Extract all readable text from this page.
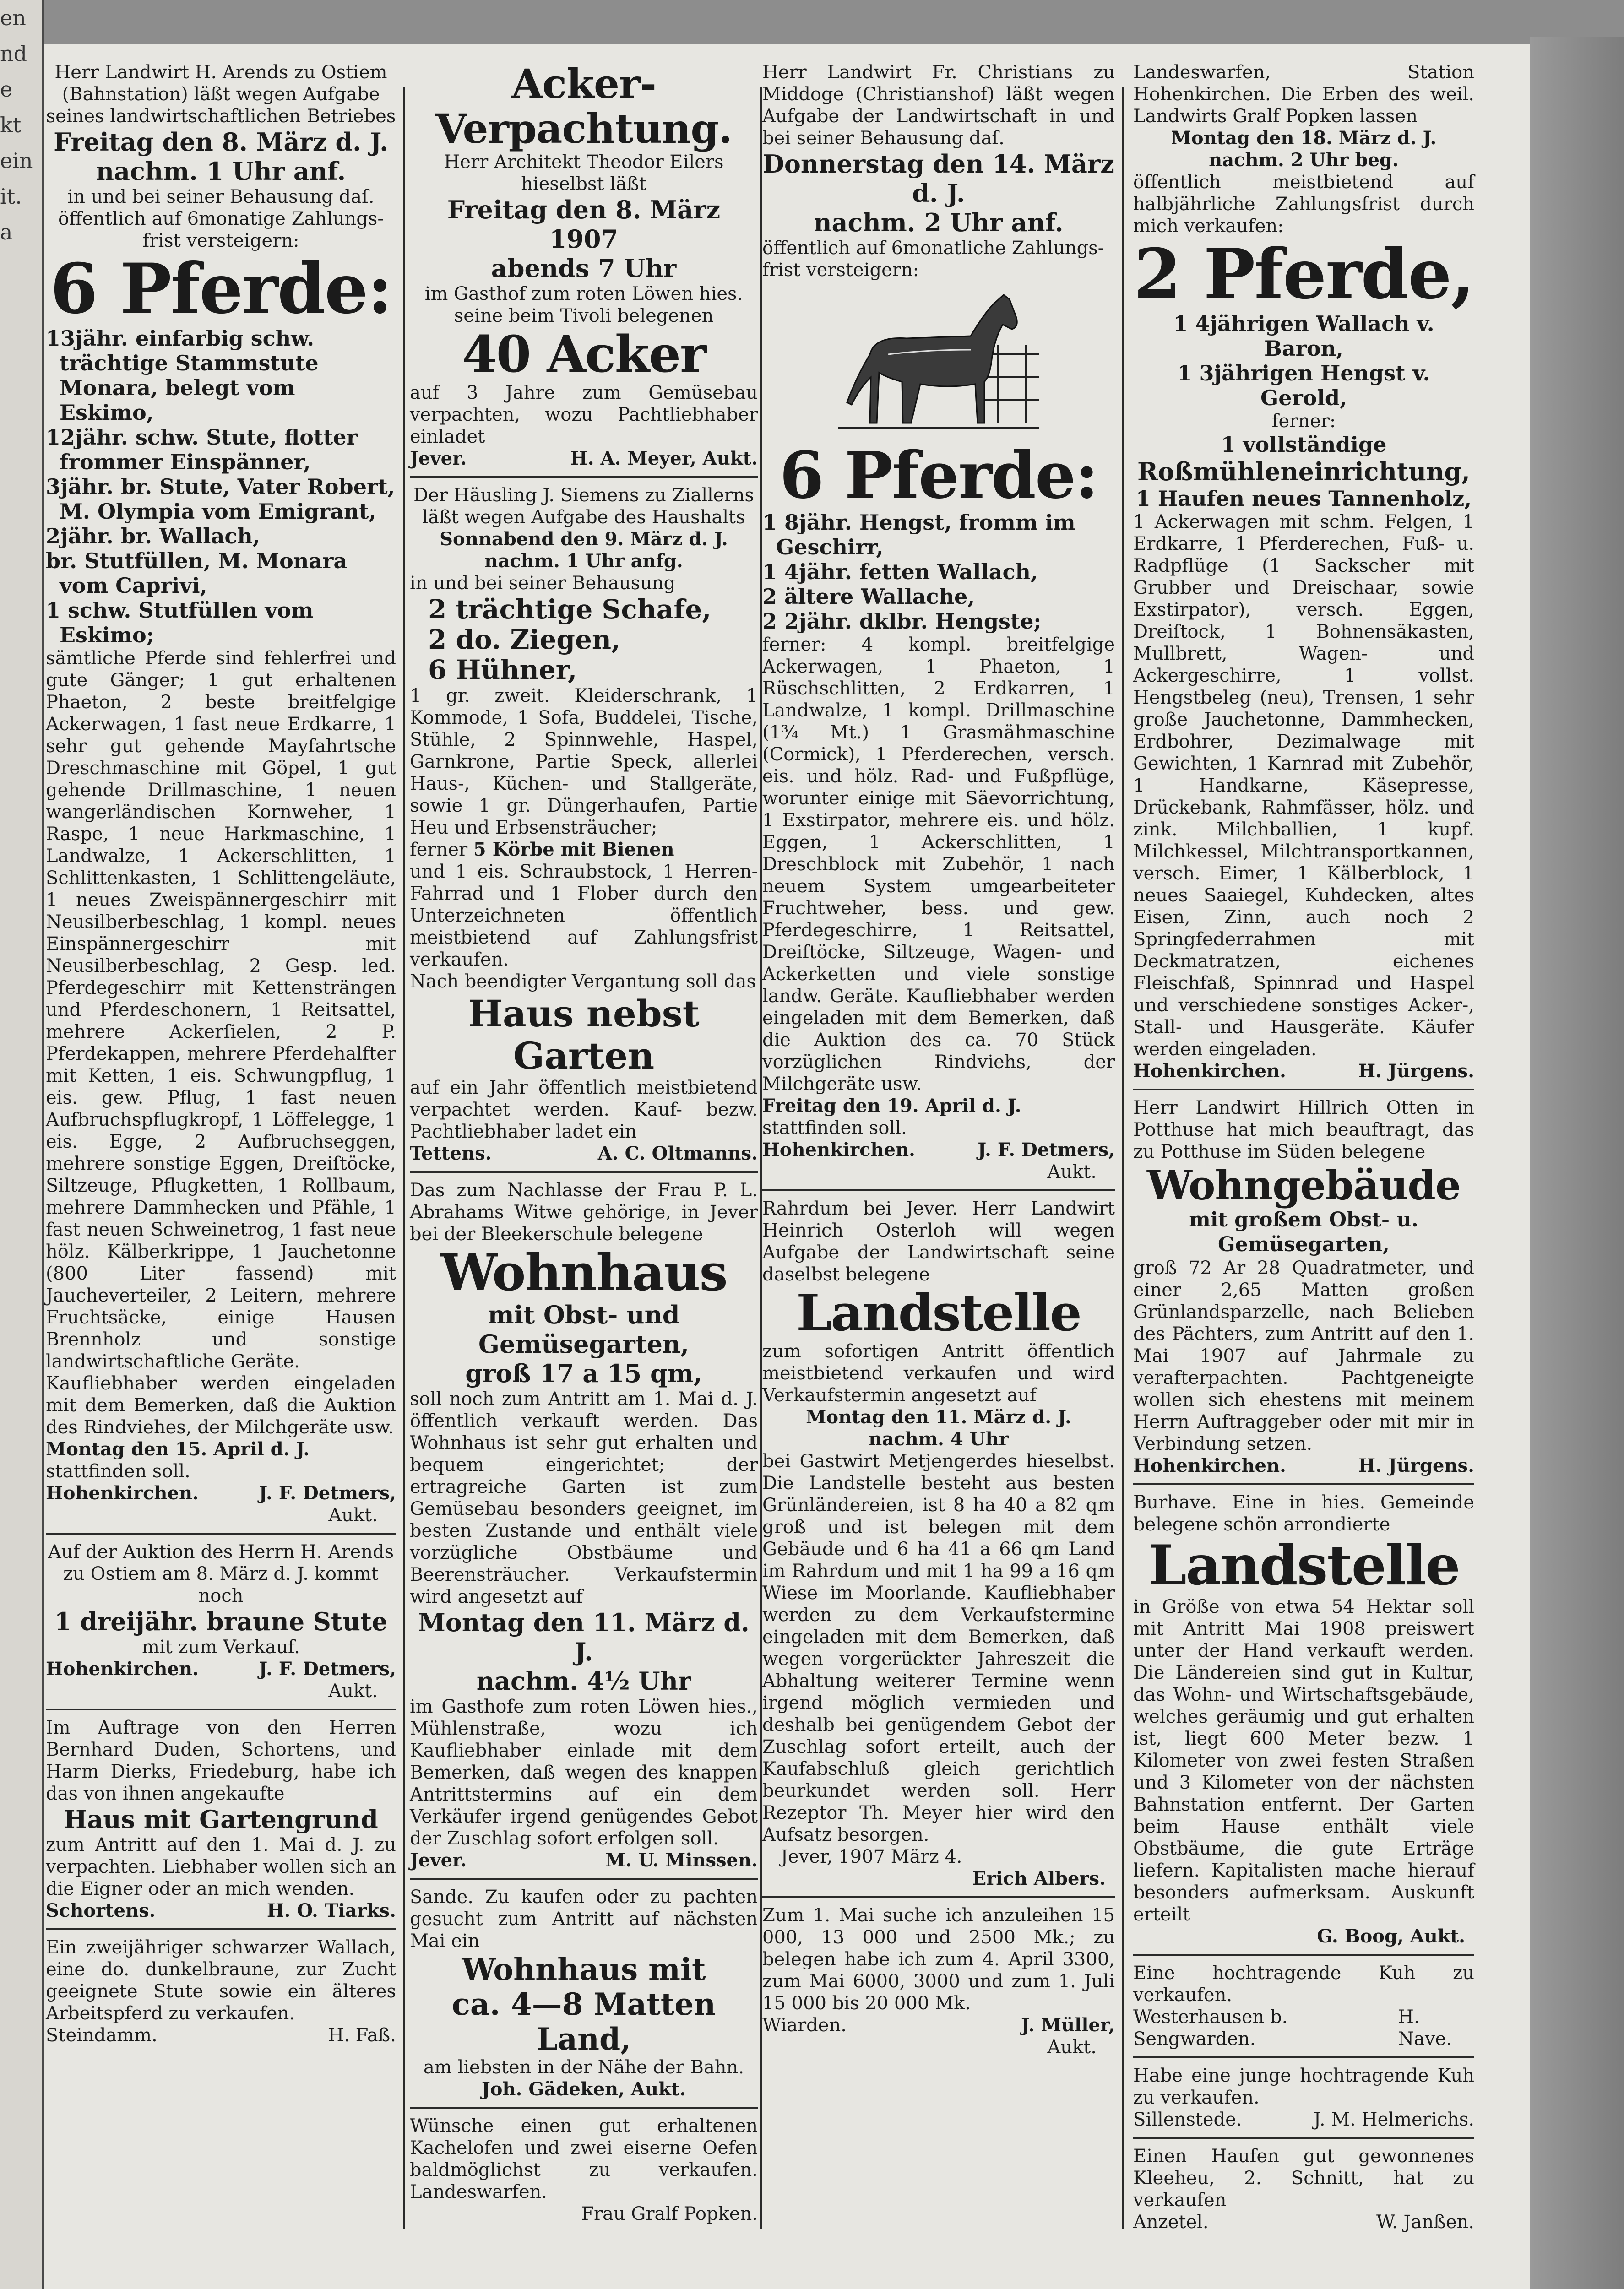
en
nd
e
kt
ein
it.
a

Herr Landwirt H. Arends zu Ostiem (Bahnstation) läßt wegen Aufgabe seines landwirtschaftlichen Betriebes

Freitag den 8. März d. J.

nachm. 1 Uhr anf.

in und bei seiner Behausung daſ. öffentlich auf 6monatige Zahlungs-frist versteigern:

6 Pferde:

13jähr. einfarbig schw. trächtige Stammstute Monara, belegt vom Eskimo,

12jähr. schw. Stute, flotter frommer Einspänner,

3jähr. br. Stute, Vater Robert, M. Olympia vom Emigrant,

2jähr. br. Wallach,

br. Stutfüllen, M. Monara vom Caprivi,

1 schw. Stutfüllen vom Eskimo;

sämtliche Pferde sind fehlerfrei und gute Gänger; 1 gut erhaltenen Phaeton, 2 beste breitfelgige Ackerwagen, 1 fast neue Erdkarre, 1 sehr gut gehende Mayfahrtsche Dreschmaschine mit Göpel, 1 gut gehende Drillmaschine, 1 neuen wangerländischen Kornweher, 1 Raspe, 1 neue Harkmaschine, 1 Landwalze, 1 Ackerschlitten, 1 Schlittenkasten, 1 Schlittengeläute, 1 neues Zweispännergeschirr mit Neusilberbeschlag, 1 kompl. neues Einspännergeschirr mit Neusilberbeschlag, 2 Gesp. led. Pferdegeschirr mit Kettensträngen und Pferdeschonern, 1 Reitsattel, mehrere Ackerſielen, 2 P. Pferdekappen, mehrere Pferdehalfter mit Ketten, 1 eis. Schwungpflug, 1 eis. gew. Pflug, 1 fast neuen Aufbruchspflugkropf, 1 Löffelegge, 1 eis. Egge, 2 Aufbruchseggen, mehrere sonstige Eggen, Dreiſtöcke, Siltzeuge, Pflugketten, 1 Rollbaum, mehrere Dammhecken und Pfähle, 1 fast neuen Schweinetrog, 1 fast neue hölz. Kälberkrippe, 1 Jauchetonne (800 Liter fassend) mit Jaucheverteiler, 2 Leitern, mehrere Fruchtsäcke, einige Hausen Brennholz und sonstige landwirtschaftliche Geräte.

Kaufliebhaber werden eingeladen mit dem Bemerken, daß die Auktion des Rindviehes, der Milchgeräte usw.

Montag den 15. April d. J. stattfinden soll.

Hohenkirchen.	J. F. Detmers,

Aukt.

Auf der Auktion des Herrn H. Arends zu Ostiem am 8. März d. J. kommt noch

1 dreijähr. braune Stute

mit zum Verkauf.

Hohenkirchen.	J. F. Detmers,

Aukt.

Im Auftrage von den Herren Bernhard Duden, Schortens, und Harm Dierks, Friedeburg, habe ich das von ihnen angekaufte

Haus mit Gartengrund

zum Antritt auf den 1. Mai d. J. zu verpachten. Liebhaber wollen sich an die Eigner oder an mich wenden.

Schortens.	H. O. Tiarks.

Ein zweijähriger schwarzer Wallach, eine do. dunkelbraune, zur Zucht geeignete Stute sowie ein älteres Arbeitspferd zu verkaufen.

Steindamm.	H. Faß.
Acker-Verpachtung.

Herr Architekt Theodor Eilers hieselbst läßt

Freitag den 8. März 1907

abends 7 Uhr

im Gasthof zum roten Löwen hies. seine beim Tivoli belegenen

40 Acker

auf 3 Jahre zum Gemüsebau verpachten, wozu Pachtliebhaber einladet

Jever.	H. A. Meyer, Aukt.

Der Häusling J. Siemens zu Ziallerns läßt wegen Aufgabe des Haushalts

Sonnabend den 9. März d. J.

nachm. 1 Uhr anfg.

in und bei seiner Behausung

2 trächtige Schafe,

2 do. Ziegen,

6 Hühner,

1 gr. zweit. Kleiderschrank, 1 Kommode, 1 Sofa, Buddelei, Tische, Stühle, 2 Spinnwehle, Haspel, Garnkrone, Partie Speck, allerlei Haus-, Küchen- und Stallgeräte, sowie 1 gr. Düngerhaufen, Partie Heu und Erbsensträucher;

ferner 5 Körbe mit Bienen

und 1 eis. Schraubstock, 1 Herren-Fahrrad und 1 Flober durch den Unterzeichneten öffentlich meistbietend auf Zahlungsfrist verkaufen.

Nach beendigter Vergantung soll das

Haus nebst Garten

auf ein Jahr öffentlich meistbietend verpachtet werden. Kauf- bezw. Pachtliebhaber ladet ein

Tettens.	A. C. Oltmanns.

Das zum Nachlasse der Frau P. L. Abrahams Witwe gehörige, in Jever bei der Bleekerschule belegene

Wohnhaus
mit Obst- und Gemüsegarten,
groß 17 a 15 qm,

soll noch zum Antritt am 1. Mai d. J. öffentlich verkauft werden. Das Wohnhaus ist sehr gut erhalten und bequem eingerichtet; der ertragreiche Garten ist zum Gemüsebau besonders geeignet, im besten Zustande und enthält viele vorzügliche Obstbäume und Beerensträucher. Verkaufstermin wird angesetzt auf

Montag den 11. März d. J.

nachm. 4½ Uhr

im Gasthofe zum roten Löwen hies., Mühlenstraße, wozu ich Kaufliebhaber einlade mit dem Bemerken, daß wegen des knappen Antrittstermins auf ein dem Verkäufer irgend genügendes Gebot der Zuschlag sofort erfolgen soll.

Jever.	M. U. Minssen.

Sande. Zu kaufen oder zu pachten gesucht zum Antritt auf nächsten Mai ein

Wohnhaus mit
ca. 4—8 Matten
Land,

am liebsten in der Nähe der Bahn.

Joh. Gädeken, Aukt.

Wünsche einen gut erhaltenen Kachelofen und zwei eiserne Oefen baldmöglichst zu verkaufen. Landeswarfen.

Frau Gralf Popken.

Herr Landwirt Fr. Christians zu Middoge (Christianshof) läßt wegen Aufgabe der Landwirtschaft in und bei seiner Behausung daſ.

Donnerstag den 14. März

d. J.

nachm. 2 Uhr anf.

öffentlich auf 6monatliche Zahlungs-frist versteigern:

6 Pferde:

1 8jähr. Hengst, fromm im Geschirr,

1 4jähr. fetten Wallach,

2 ältere Wallache,

2 2jähr. dklbr. Hengste;

ferner: 4 kompl. breitfelgige Ackerwagen, 1 Phaeton, 1 Rüschschlitten, 2 Erdkarren, 1 Landwalze, 1 kompl. Drillmaschine (1¾ Mt.) 1 Grasmähmaschine (Cormick), 1 Pferderechen, versch. eis. und hölz. Rad- und Fußpflüge, worunter einige mit Säevorrichtung, 1 Exstirpator, mehrere eis. und hölz. Eggen, 1 Ackerschlitten, 1 Dreschblock mit Zubehör, 1 nach neuem System umgearbeiteter Fruchtweher, bess. und gew. Pferdegeschirre, 1 Reitsattel, Dreiſtöcke, Siltzeuge, Wagen- und Ackerketten und viele sonstige landw. Geräte. Kaufliebhaber werden eingeladen mit dem Bemerken, daß die Auktion des ca. 70 Stück vorzüglichen Rindviehs, der Milchgeräte usw.

Freitag den 19. April d. J. stattfinden soll.

Hohenkirchen.	J. F. Detmers,

Aukt.

Rahrdum bei Jever. Herr Landwirt Heinrich Osterloh will wegen Aufgabe der Landwirtschaft seine daselbst belegene

Landstelle

zum sofortigen Antritt öffentlich meistbietend verkaufen und wird Verkaufstermin angesetzt auf

Montag den 11. März d. J.

nachm. 4 Uhr

bei Gastwirt Metjengerdes hieselbst. Die Landstelle besteht aus besten Grünländereien, ist 8 ha 40 a 82 qm groß und ist belegen mit dem Gebäude und 6 ha 41 a 66 qm Land im Rahrdum und mit 1 ha 99 a 16 qm Wiese im Moorlande. Kaufliebhaber werden zu dem Verkaufstermine eingeladen mit dem Bemerken, daß wegen vorgerückter Jahreszeit die Abhaltung weiterer Termine wenn irgend möglich vermieden und deshalb bei genügendem Gebot der Zuschlag sofort erteilt, auch der Kaufabschluß gleich gerichtlich beurkundet werden soll. Herr Rezeptor Th. Meyer hier wird den Aufsatz besorgen.

Jever, 1907 März 4.

Erich Albers.

Zum 1. Mai suche ich anzuleihen 15 000, 13 000 und 2500 Mk.; zu belegen habe ich zum 4. April 3300, zum Mai 6000, 3000 und zum 1. Juli 15 000 bis 20 000 Mk.

Wiarden.	J. Müller,

Aukt.

Landeswarfen, Station Hohenkirchen. Die Erben des weil. Landwirts Gralf Popken lassen

Montag den 18. März d. J.

nachm. 2 Uhr beg.

öffentlich meistbietend auf halbjährliche Zahlungsfrist durch mich verkaufen:

2 Pferde,

1 4jährigen Wallach v. Baron,

1 3jährigen Hengst v. Gerold,

ferner:

1 vollständige

Roßmühleneinrichtung,

1 Haufen neues Tannenholz,

1 Ackerwagen mit schm. Felgen, 1 Erdkarre, 1 Pferderechen, Fuß- u. Radpflüge (1 Sackscher mit Grubber und Dreischaar, sowie Exstirpator), versch. Eggen, Dreiſtock, 1 Bohnensäkasten, Mullbrett, Wagen- und Ackergeschirre, 1 vollst. Hengstbeleg (neu), Trensen, 1 sehr große Jauchetonne, Dammhecken, Erdbohrer, Dezimalwage mit Gewichten, 1 Karnrad mit Zubehör, 1 Handkarne, Käsepresse, Drückebank, Rahmfässer, hölz. und zink. Milchballien, 1 kupf. Milchkessel, Milchtransportkannen, versch. Eimer, 1 Kälberblock, 1 neues Saaiegel, Kuhdecken, altes Eisen, Zinn, auch noch 2 Springfederrahmen mit Deckmatratzen, eichenes Fleischfaß, Spinnrad und Haspel und verschiedene sonstiges Acker-, Stall- und Hausgeräte. Käufer werden eingeladen.

Hohenkirchen.	H. Jürgens.

Herr Landwirt Hillrich Otten in Potthuse hat mich beauftragt, das zu Potthuse im Süden belegene

Wohngebäude
mit großem Obst- u. Gemüsegarten,

groß 72 Ar 28 Quadratmeter, und einer 2,65 Matten großen Grünlandsparzelle, nach Belieben des Pächters, zum Antritt auf den 1. Mai 1907 auf Jahrmale zu verafterpachten. Pachtgeneigte wollen sich ehestens mit meinem Herrn Auftraggeber oder mit mir in Verbindung setzen.

Hohenkirchen.	H. Jürgens.

Burhave. Eine in hies. Gemeinde belegene schön arrondierte

Landstelle

in Größe von etwa 54 Hektar soll mit Antritt Mai 1908 preiswert unter der Hand verkauft werden. Die Ländereien sind gut in Kultur, das Wohn- und Wirtschaftsgebäude, welches geräumig und gut erhalten ist, liegt 600 Meter bezw. 1 Kilometer von zwei festen Straßen und 3 Kilometer von der nächsten Bahnstation entfernt. Der Garten beim Hause enthält viele Obstbäume, die gute Erträge liefern. Kapitalisten mache hierauf besonders aufmerksam. Auskunft erteilt

G. Boog, Aukt.

Eine hochtragende Kuh zu verkaufen.

Westerhausen b. Sengwarden.
H. Nave.

Habe eine junge hochtragende Kuh zu verkaufen.

Sillenstede.	J. M. Helmerichs.

Einen Haufen gut gewonnenes Kleeheu, 2. Schnitt, hat zu verkaufen

Anzetel.	W. Janßen.
